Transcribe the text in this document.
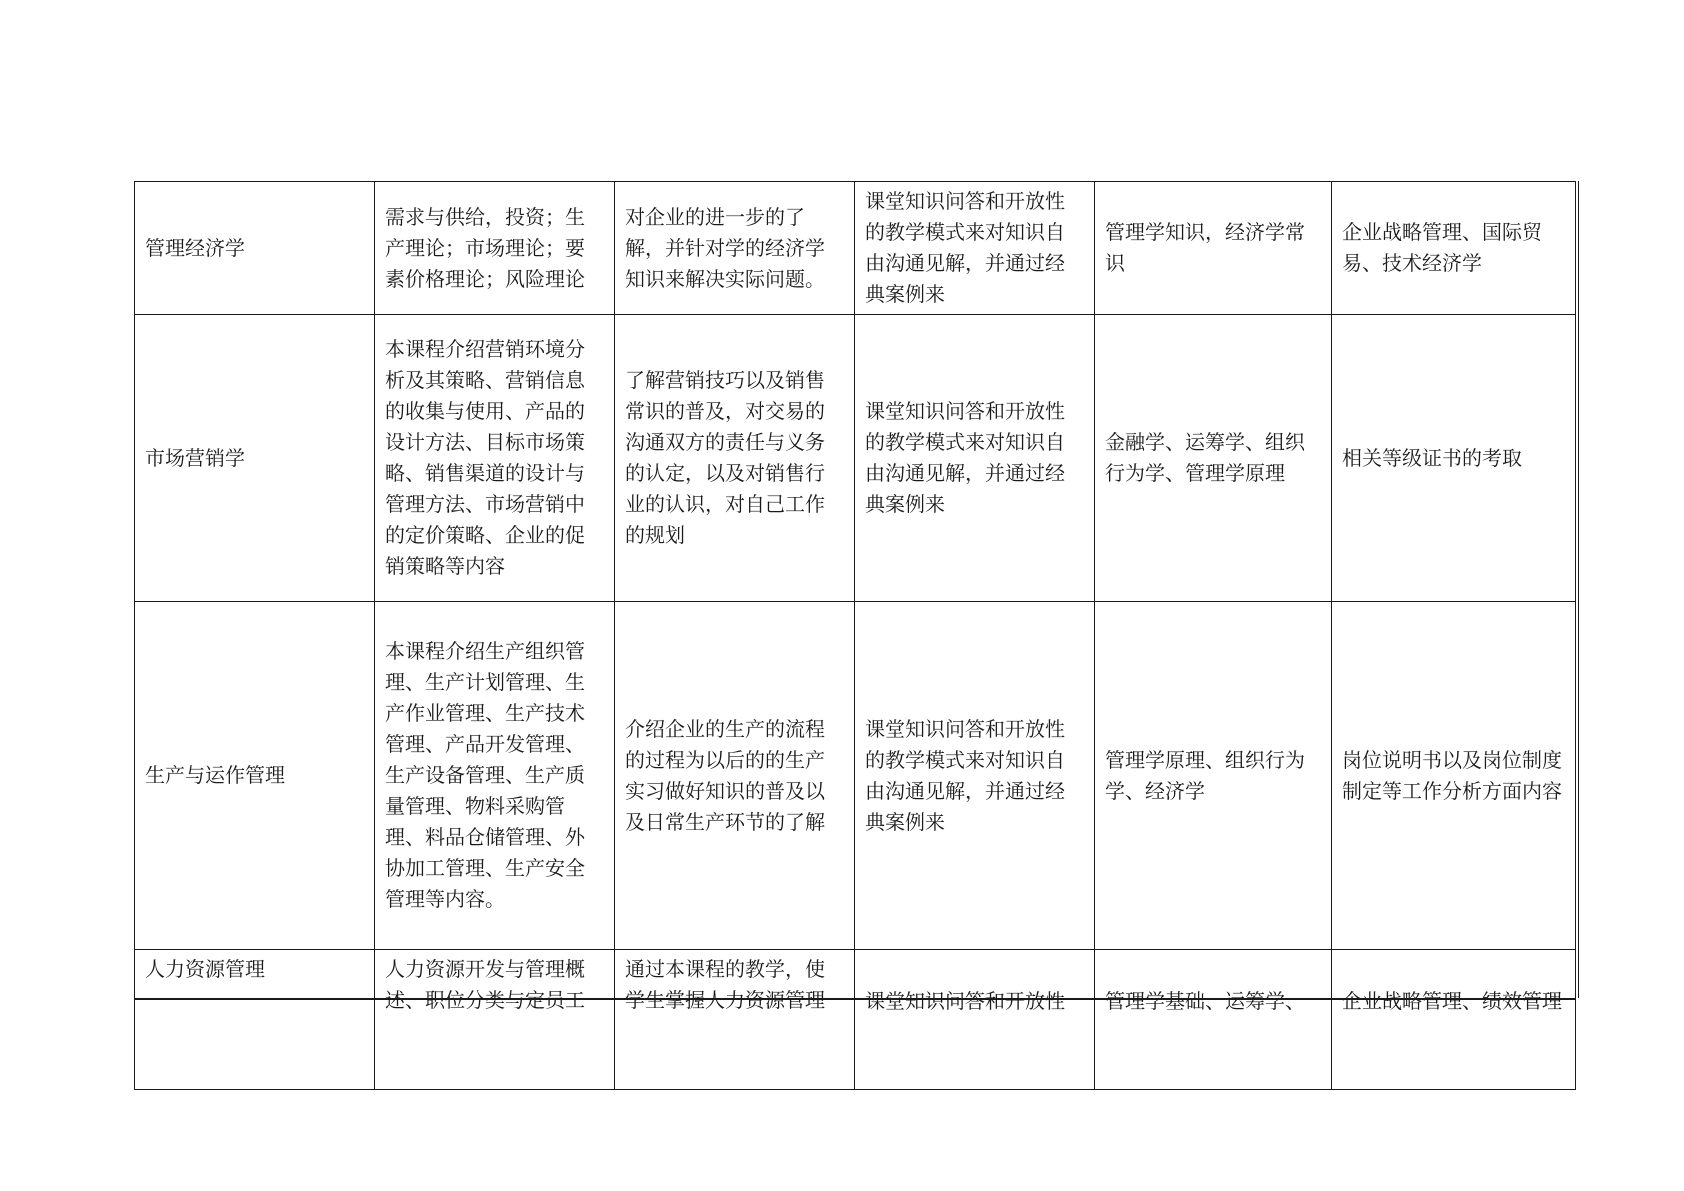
管理经济学	需求与供给，投资；生产理论；市场理论；要素价格理论；风险理论	对企业的进一步的了解，并针对学的经济学知识来解决实际问题。	课堂知识问答和开放性的教学模式来对知识自由沟通见解，并通过经典案例来	管理学知识，经济学常识	企业战略管理、国际贸易、技术经济学
市场营销学	本课程介绍营销环境分析及其策略、营销信息的收集与使用、产品的设计方法、目标市场策略、销售渠道的设计与管理方法、市场营销中的定价策略、企业的促销策略等内容	了解营销技巧以及销售常识的普及，对交易的沟通双方的责任与义务的认定，以及对销售行业的认识，对自己工作的规划	课堂知识问答和开放性的教学模式来对知识自由沟通见解，并通过经典案例来	金融学、运筹学、组织行为学、管理学原理	相关等级证书的考取
生产与运作管理	本课程介绍生产组织管理、生产计划管理、生产作业管理、生产技术管理、产品开发管理、生产设备管理、生产质量管理、物料采购管理、料品仓储管理、外协加工管理、生产安全管理等内容。	介绍企业的生产的流程的过程为以后的的生产实习做好知识的普及以及日常生产环节的了解	课堂知识问答和开放性的教学模式来对知识自由沟通见解，并通过经典案例来	管理学原理、组织行为学、经济学	岗位说明书以及岗位制度制定等工作分析方面内容
人力资源管理	人力资源开发与管理概述、职位分类与定员工	通过本课程的教学，使学生掌握人力资源管理	课堂知识问答和开放性	管理学基础、运筹学、	企业战略管理、绩效管理
